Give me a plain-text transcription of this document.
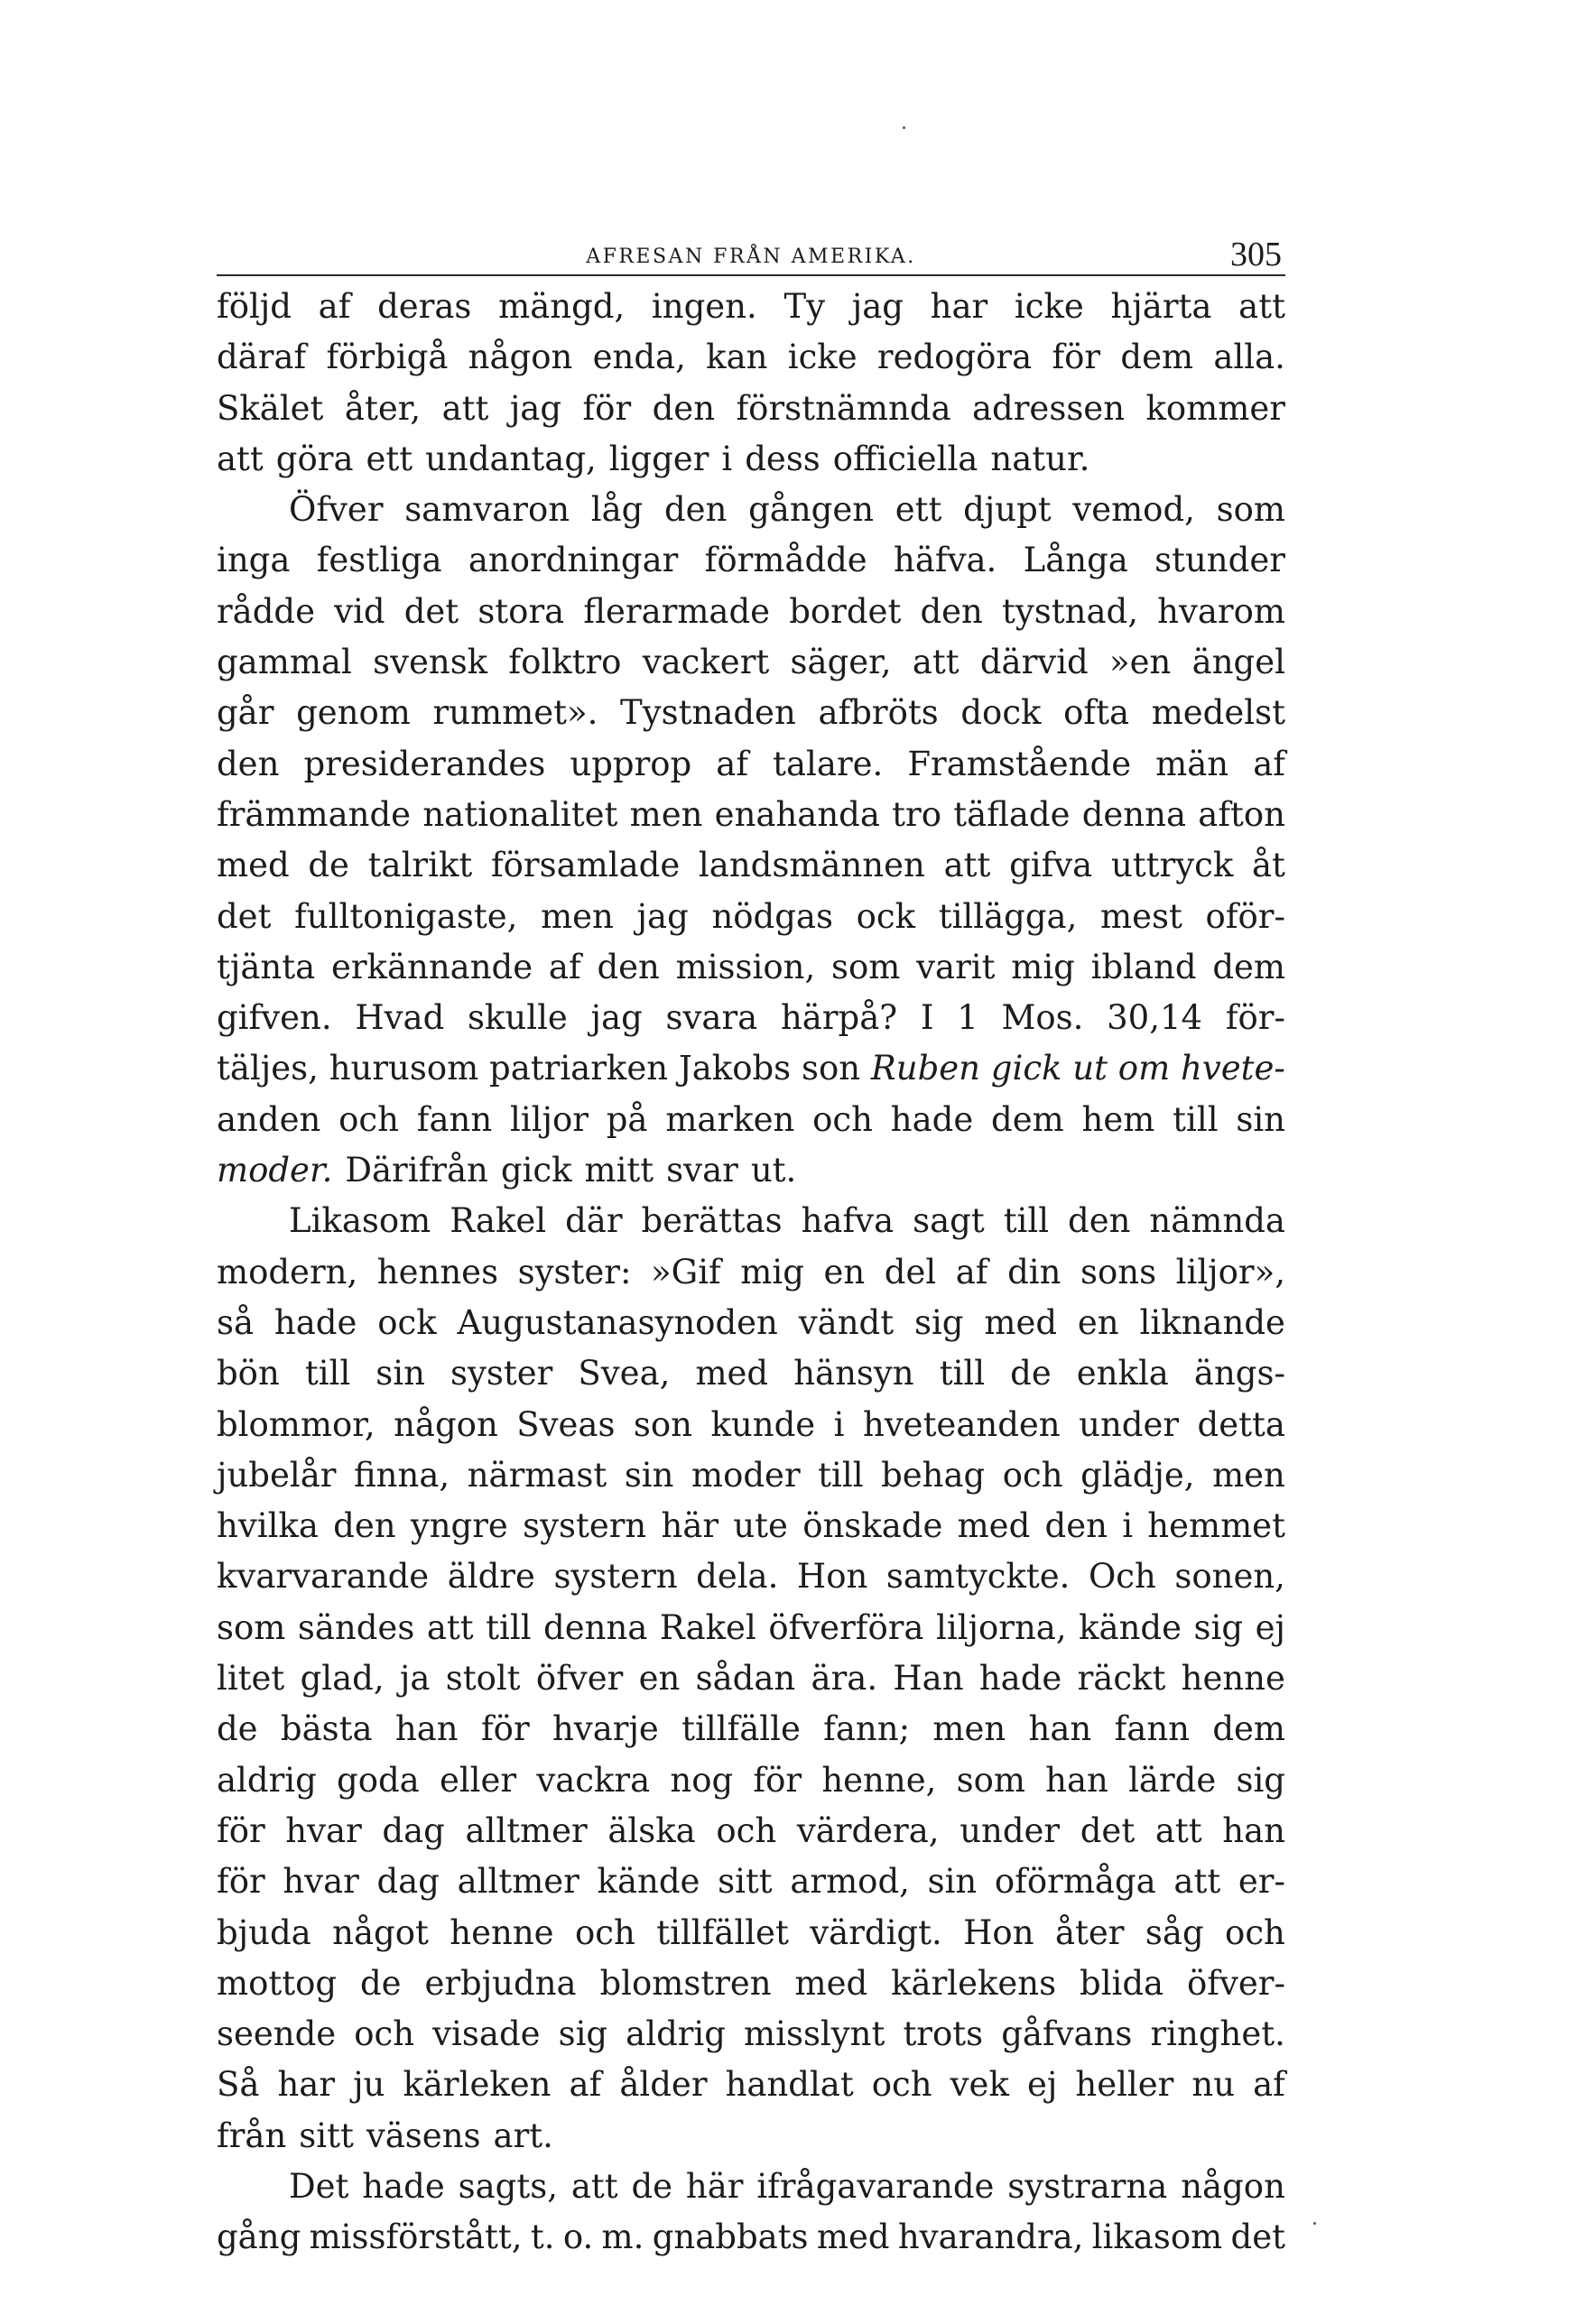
AFRESAN FRÅN AMERIKA.	305
följd af deras mängd, ingen. Ty jag har icke hjärta att
däraf förbigå någon enda, kan icke redogöra för dem alla.
Skälet åter, att jag för den förstnämnda adressen kommer
att göra ett undantag, ligger i dess officiella natur.
Öfver samvaron låg den gången ett djupt vemod, som
inga festliga anordningar förmådde häfva. Långa stunder
rådde vid det stora flerarmade bordet den tystnad, hvarom
gammal svensk folktro vackert säger, att därvid »en ängel
går genom rummet». Tystnaden afbröts dock ofta medelst
den presiderandes upprop af talare. Framstående män af
främmande nationalitet men enahanda tro täflade denna afton
med de talrikt församlade landsmännen att gifva uttryck åt
det fulltonigaste, men jag nödgas ock tillägga, mest oför-
tjänta erkännande af den mission, som varit mig ibland dem
gifven. Hvad skulle jag svara härpå? I 1 Mos. 30,14 för-
täljes, hurusom patriarken Jakobs son Ruben gick ut om hvete-
anden och fann liljor på marken och hade dem hem till sin
moder. Därifrån gick mitt svar ut.
Likasom Rakel där berättas hafva sagt till den nämnda
modern, hennes syster: »Gif mig en del af din sons liljor»,
så hade ock Augustanasynoden vändt sig med en liknande
bön till sin syster Svea, med hänsyn till de enkla ängs-
blommor, någon Sveas son kunde i hveteanden under detta
jubelår finna, närmast sin moder till behag och glädje, men
hvilka den yngre systern här ute önskade med den i hemmet
kvarvarande äldre systern dela. Hon samtyckte. Och sonen,
som sändes att till denna Rakel öfverföra liljorna, kände sig ej
litet glad, ja stolt öfver en sådan ära. Han hade räckt henne
de bästa han för hvarje tillfälle fann; men han fann dem
aldrig goda eller vackra nog för henne, som han lärde sig
för hvar dag alltmer älska och värdera, under det att han
för hvar dag alltmer kände sitt armod, sin oförmåga att er-
bjuda något henne och tillfället värdigt. Hon åter såg och
mottog de erbjudna blomstren med kärlekens blida öfver-
seende och visade sig aldrig misslynt trots gåfvans ringhet.
Så har ju kärleken af ålder handlat och vek ej heller nu af
från sitt väsens art.
Det hade sagts, att de här ifrågavarande systrarna någon
gång missförstått, t. o. m. gnabbats med hvarandra, likasom det
